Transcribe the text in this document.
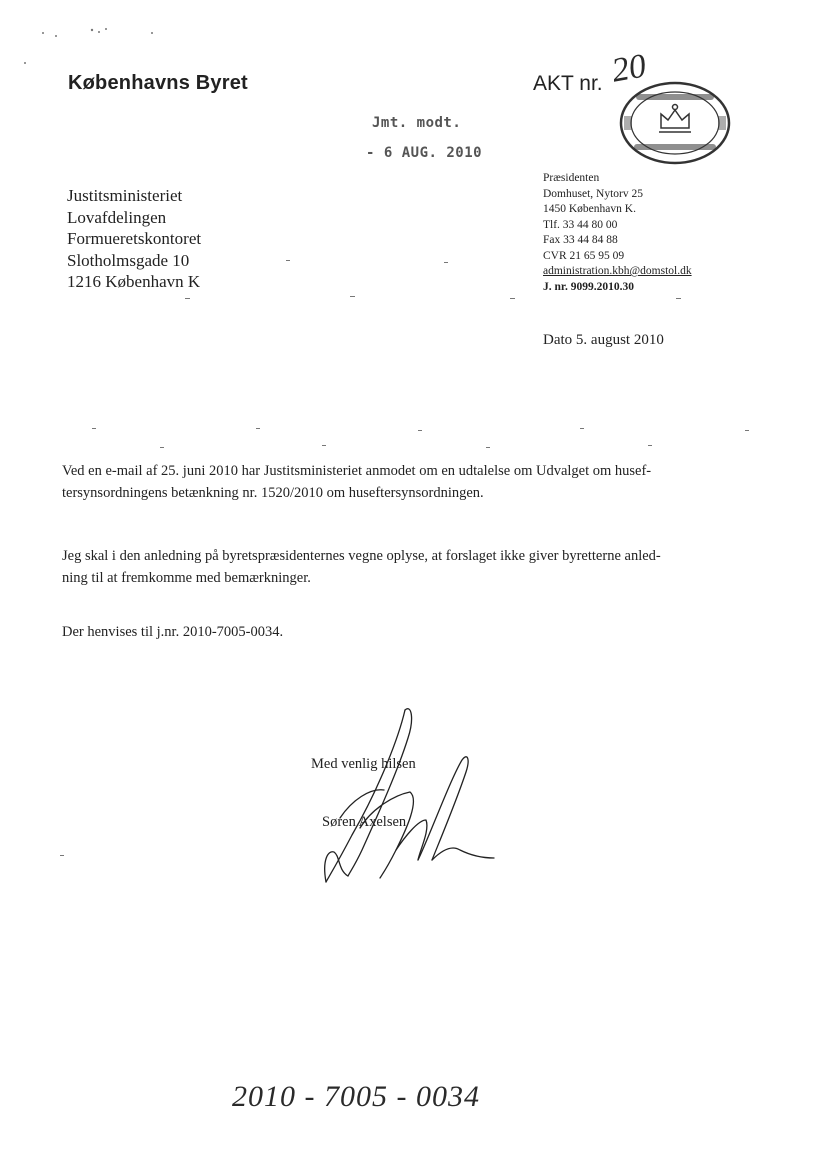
Københavns Byret	AKT nr. 20
Jmt. modt.
- 6 AUG. 2010
Justitsministeriet
Lovafdelingen
Formueretskontoret
Slotholmsgade 10
1216 København K
Præsidenten
Domhuset, Nytorv 25
1450 København K.
Tlf. 33 44 80 00
Fax 33 44 84 88
CVR 21 65 95 09
administration.kbh@domstol.dk
J. nr. 9099.2010.30
Dato 5. august 2010
Ved en e-mail af 25. juni 2010 har Justitsministeriet anmodet om en udtalelse om Udvalget om husef-
tersynsordningens betænkning nr. 1520/2010 om huseftersynsordningen.
Jeg skal i den anledning på byretspræsidenternes vegne oplyse, at forslaget ikke giver byretterne anled-
ning til at fremkomme med bemærkninger.
Der henvises til j.nr. 2010-7005-0034.
Med venlig hilsen
Søren Axelsen
2010 - 7005 - 0034
